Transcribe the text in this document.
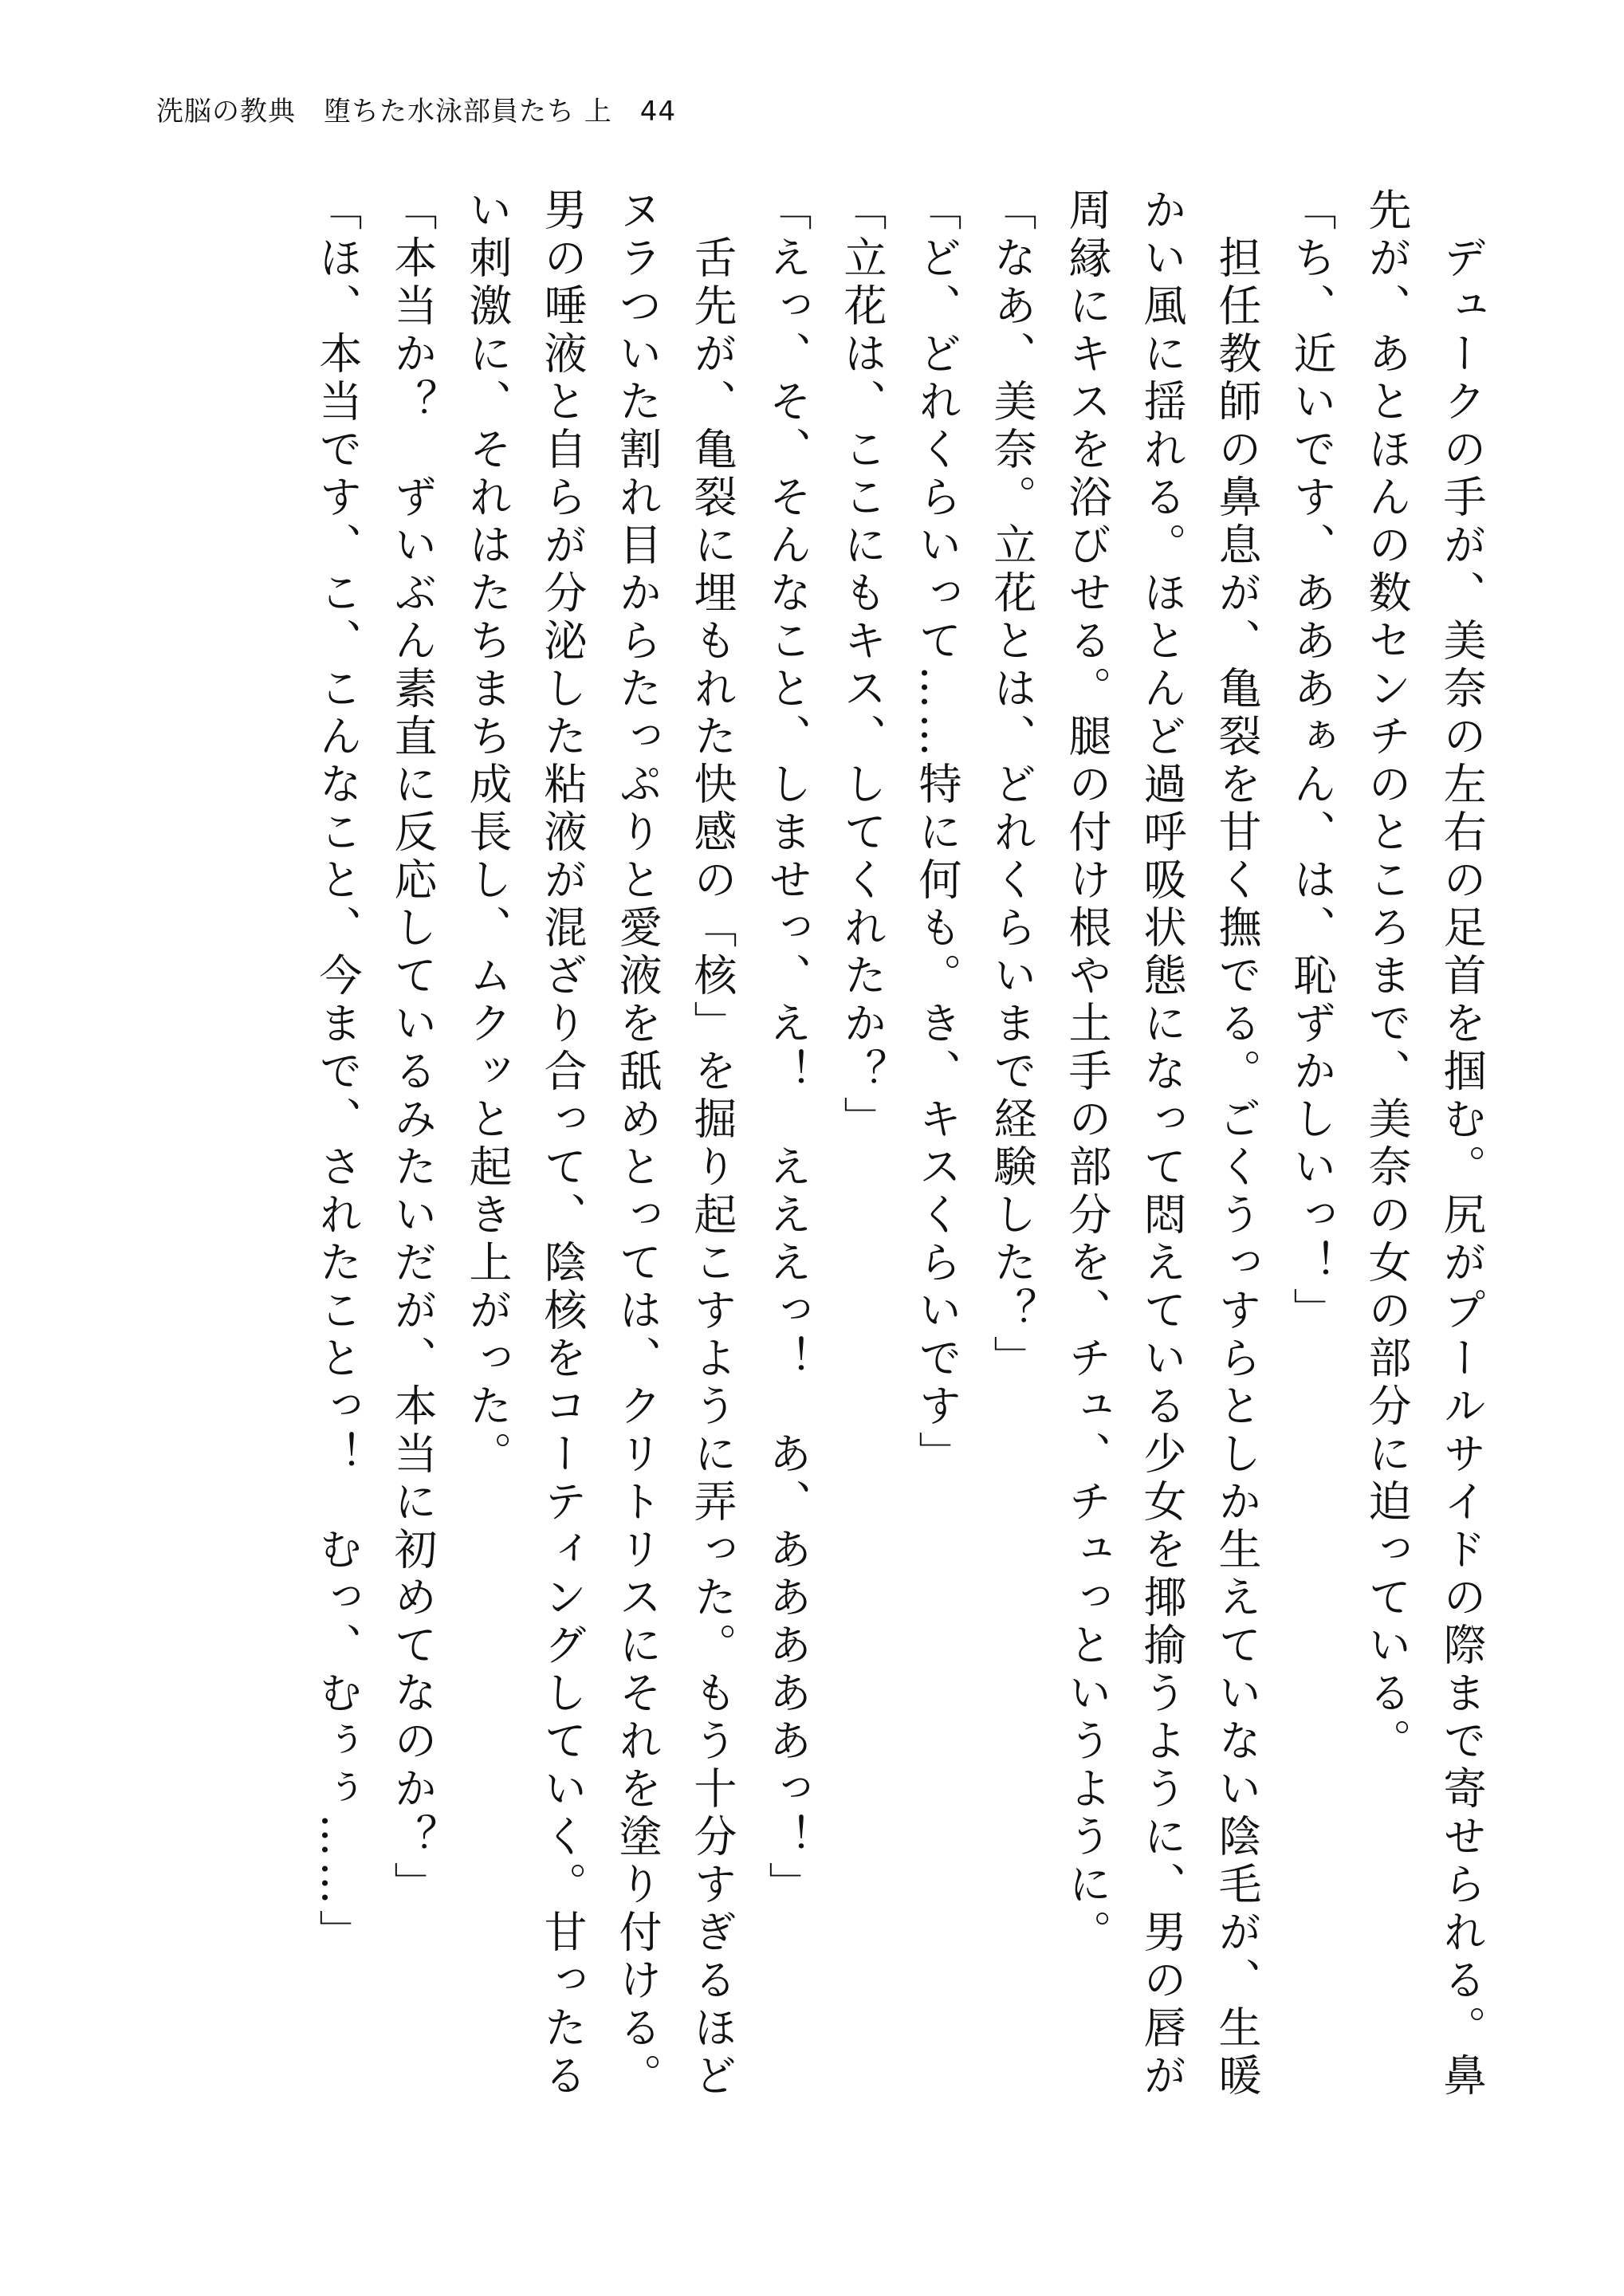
洗脳の教典　堕ちた水泳部員たち 上　44
　デュークの手が、美奈の左右の足首を掴む。尻がプールサイドの際まで寄せられる。鼻
先が、あとほんの数センチのところまで、美奈の女の部分に迫っている。
「ち、近いです、あああぁん、は、恥ずかしいっ！」
　担任教師の鼻息が、亀裂を甘く撫でる。ごくうっすらとしか生えていない陰毛が、生暖
かい風に揺れる。ほとんど過呼吸状態になって悶えている少女を揶揄うように、男の唇が
周縁にキスを浴びせる。腿の付け根や土手の部分を、チュ、チュっというように。
「なあ、美奈。立花とは、どれくらいまで経験した？」
「ど、どれくらいって……特に何も。き、キスくらいです」
「立花は、ここにもキス、してくれたか？」
「えっ、そ、そんなこと、しませっ、え！　えええっ！　あ、あああああっ！」
　舌先が、亀裂に埋もれた快感の「核」を掘り起こすように弄った。もう十分すぎるほど
ヌラついた割れ目からたっぷりと愛液を舐めとっては、クリトリスにそれを塗り付ける。
男の唾液と自らが分泌した粘液が混ざり合って、陰核をコーティングしていく。甘ったる
い刺激に、それはたちまち成長し、ムクッと起き上がった。
「本当か？　ずいぶん素直に反応しているみたいだが、本当に初めてなのか？」
「ほ、本当です、こ、こんなこと、今まで、されたことっ！　むっ、むぅぅ……」
